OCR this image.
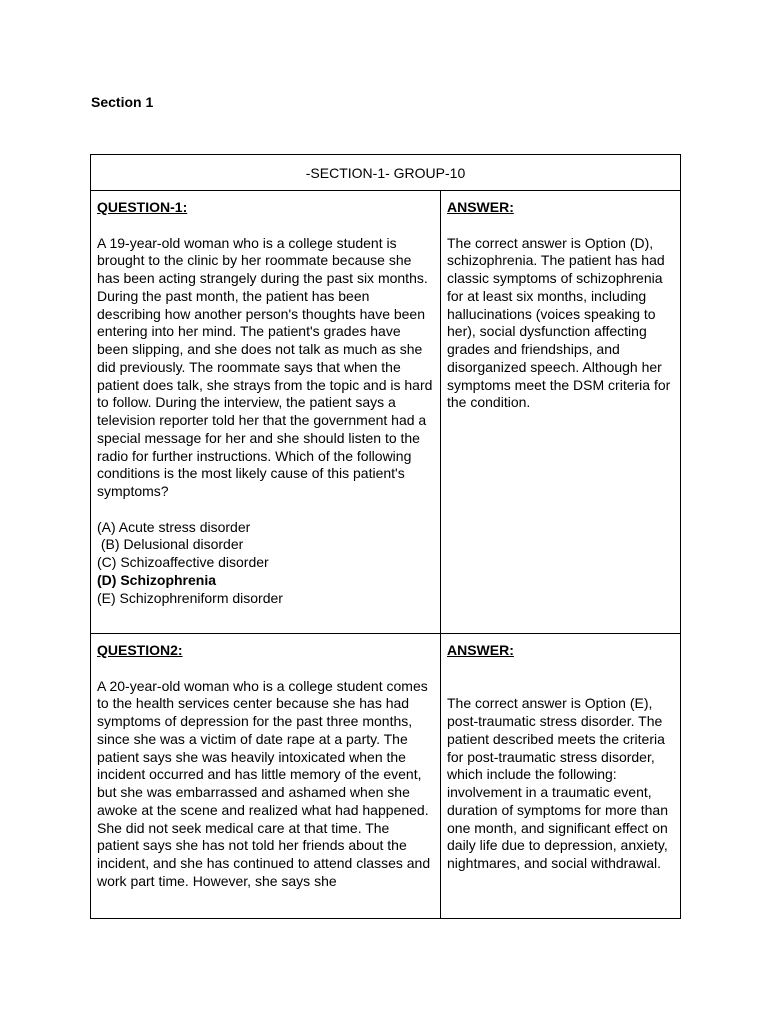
Section 1
-SECTION-1- GROUP-10
QUESTION-1:
A 19-year-old woman who is a college student is brought to the clinic by her roommate because she has been acting strangely during the past six months. During the past month, the patient has been describing how another person's thoughts have been entering into her mind. The patient's grades have been slipping, and she does not talk as much as she did previously. The roommate says that when the patient does talk, she strays from the topic and is hard to follow. During the interview, the patient says a television reporter told her that the government had a special message for her and she should listen to the radio for further instructions. Which of the following conditions is the most likely cause of this patient's symptoms?
(A) Acute stress disorder
(B) Delusional disorder
(C) Schizoaffective disorder
(D) Schizophrenia
(E) Schizophreniform disorder
ANSWER:
The correct answer is Option (D), schizophrenia. The patient has had classic symptoms of schizophrenia for at least six months, including hallucinations (voices speaking to her), social dysfunction affecting grades and friendships, and disorganized speech. Although her symptoms meet the DSM criteria for the condition.
QUESTION2:
A 20-year-old woman who is a college student comes to the health services center because she has had symptoms of depression for the past three months, since she was a victim of date rape at a party. The patient says she was heavily intoxicated when the incident occurred and has little memory of the event, but she was embarrassed and ashamed when she awoke at the scene and realized what had happened. She did not seek medical care at that time. The patient says she has not told her friends about the incident, and she has continued to attend classes and work part time. However, she says she
ANSWER:
The correct answer is Option (E), post-traumatic stress disorder. The patient described meets the criteria for post-traumatic stress disorder, which include the following: involvement in a traumatic event, duration of symptoms for more than one month, and significant effect on daily life due to depression, anxiety, nightmares, and social withdrawal.
